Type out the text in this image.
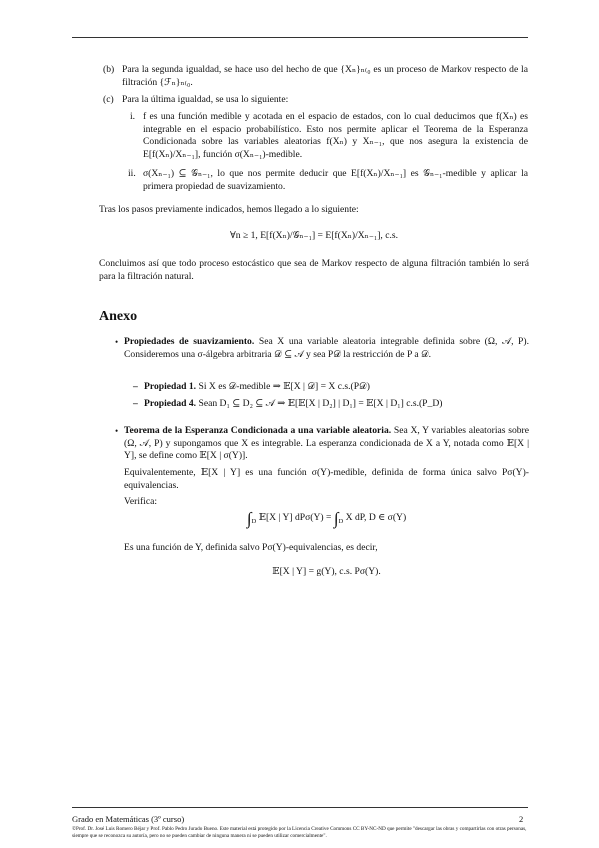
(b) Para la segunda igualdad, se hace uso del hecho de que {Xₙ}ₙ₍₀ es un proceso de Markov respecto de la filtración {ℱₙ}ₙ₍₀.
(c) Para la última igualdad, se usa lo siguiente:
i. f es una función medible y acotada en el espacio de estados, con lo cual deducimos que f(Xₙ) es integrable en el espacio probabilístico. Esto nos permite aplicar el Teorema de la Esperanza Condicionada sobre las variables aleatorias f(Xₙ) y Xₙ₋₁, que nos asegura la existencia de E[f(Xₙ)/Xₙ₋₁], función σ(Xₙ₋₁)-medible.
ii. σ(Xₙ₋₁) ⊆ 𝒢ₙ₋₁, lo que nos permite deducir que E[f(Xₙ)/Xₙ₋₁] es 𝒢ₙ₋₁-medible y aplicar la primera propiedad de suavizamiento.
Tras los pasos previamente indicados, hemos llegado a lo siguiente:
∀n ≥ 1, E[f(Xₙ)/𝒢ₙ₋₁] = E[f(Xₙ)/Xₙ₋₁], c.s.
Concluimos así que todo proceso estocástico que sea de Markov respecto de alguna filtración también lo será para la filtración natural.
Anexo
• Propiedades de suavizamiento. Sea X una variable aleatoria integrable definida sobre (Ω, 𝒜, P). Consideremos una σ-álgebra arbitraria 𝒟 ⊆ 𝒜 y sea P𝒟 la restricción de P a 𝒟.
– Propiedad 1. Si X es 𝒟-medible ⇒ 𝔼[X | 𝒟] = X c.s.(P𝒟)
– Propiedad 4. Sean D₁ ⊆ D₂ ⊆ 𝒜 ⇒ 𝔼[𝔼[X | D₂] | D₁] = 𝔼[X | D₁] c.s.(P_D)
• Teorema de la Esperanza Condicionada a una variable aleatoria. Sea X, Y variables aleatorias sobre (Ω, 𝒜, P) y supongamos que X es integrable. La esperanza condicionada de X a Y, notada como 𝔼[X | Y], se define como 𝔼[X | σ(Y)].
Equivalentemente, 𝔼[X | Y] es una función σ(Y)-medible, definida de forma única salvo Pσ(Y)-equivalencias.
Verifica:
$\int_D$ 𝔼[X | Y] $dP\sigma(Y) = \int_D$ X dP, D ∈ σ(Y)
Es una función de Y, definida salvo Pσ(Y)-equivalencias, es decir,
𝔼[X | Y] = g(Y), c.s. Pσ(Y).
Grado en Matemáticas (3º curso)	2
©Prof. Dr. José Luis Romero Béjar y Prof. Pablo Pedro Jurado Bueno. Este material está protegido por la Licencia Creative Commons CC BY-NC-ND que permite "descargar las obras y compartirlas con otras personas, siempre que se reconozca su autoría, pero no se pueden cambiar de ninguna manera ni se pueden utilizar comercialmente".
